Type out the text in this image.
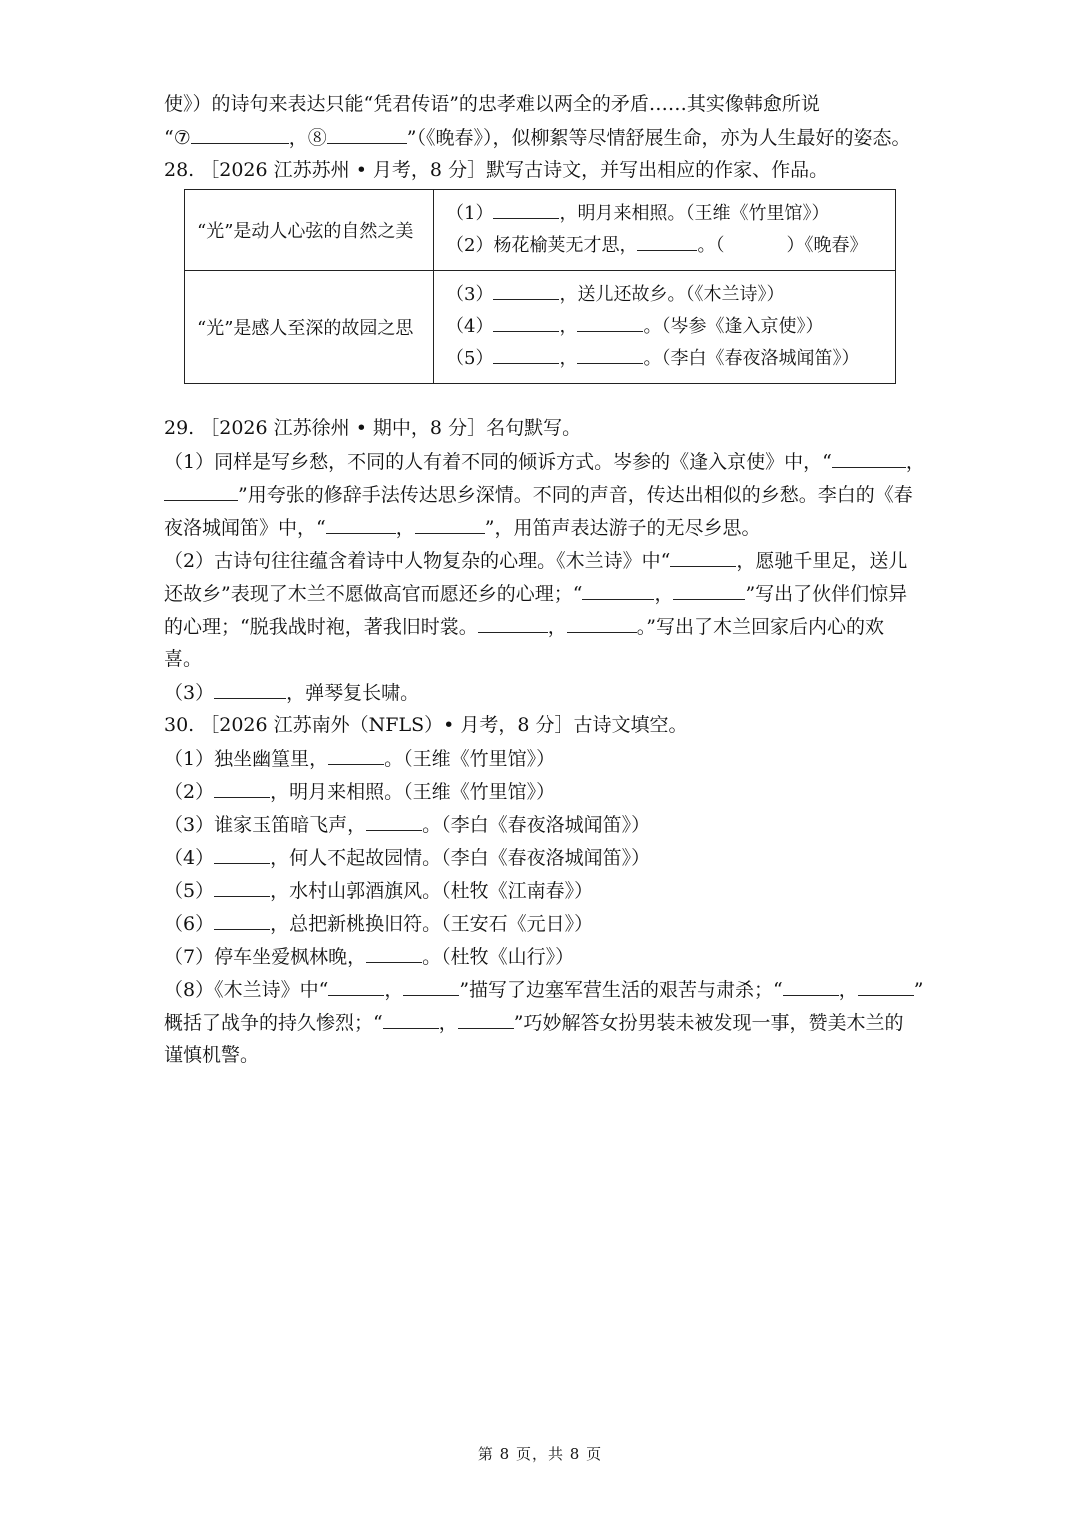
使》）的诗句来表达只能“凭君传语”的忠孝难以两全的矛盾……其实像韩愈所说
“⑦	，⑧	”（《晚春》），似柳絮等尽情舒展生命，亦为人生最好的姿态。
28. ［2026 江苏苏州 • 月考，8 分］默写古诗文，并写出相应的作家、作品。
“光”是动人心弦的自然之美	（1） ，明月来相照。（王维《竹里馆》）
（2）杨花榆荚无才思， 。（ ）《晚春》

“光”是感人至深的故园之思	（3） ，送儿还故乡。（《木兰诗》）
（4） ， 。（岑参《逢入京使》）
（5） ， 。（李白《春夜洛城闻笛》）
29. ［2026 江苏徐州 • 期中，8 分］名句默写。
（1）同样是写乡愁，不同的人有着不同的倾诉方式。岑参的《逢入京使》中，“	，
”用夸张的修辞手法传达思乡深情。不同的声音，传达出相似的乡愁。李白的《春
夜洛城闻笛》中，“	，	”，用笛声表达游子的无尽乡思。
（2）古诗句往往蕴含着诗中人物复杂的心理。《木兰诗》中“	，愿驰千里足，送儿
还故乡”表现了木兰不愿做高官而愿还乡的心理；“	，	”写出了伙伴们惊异
的心理；“脱我战时袍，著我旧时裳。	，	。”写出了木兰回家后内心的欢
喜。
（3）	，弹琴复长啸。
30. ［2026 江苏南外（NFLS）• 月考，8 分］古诗文填空。
（1）独坐幽篁里，	。（王维《竹里馆》）
（2）	，明月来相照。（王维《竹里馆》）
（3）谁家玉笛暗飞声，	。（李白《春夜洛城闻笛》）
（4）	，何人不起故园情。（李白《春夜洛城闻笛》）
（5）	，水村山郭酒旗风。（杜牧《江南春》）
（6）	，总把新桃换旧符。（王安石《元日》）
（7）停车坐爱枫林晚，	。（杜牧《山行》）
（8）《木兰诗》中“	，	”描写了边塞军营生活的艰苦与肃杀；“	，	”
概括了战争的持久惨烈；“	，	”巧妙解答女扮男装未被发现一事，赞美木兰的
谨慎机警。
第 8 页，共 8 页
